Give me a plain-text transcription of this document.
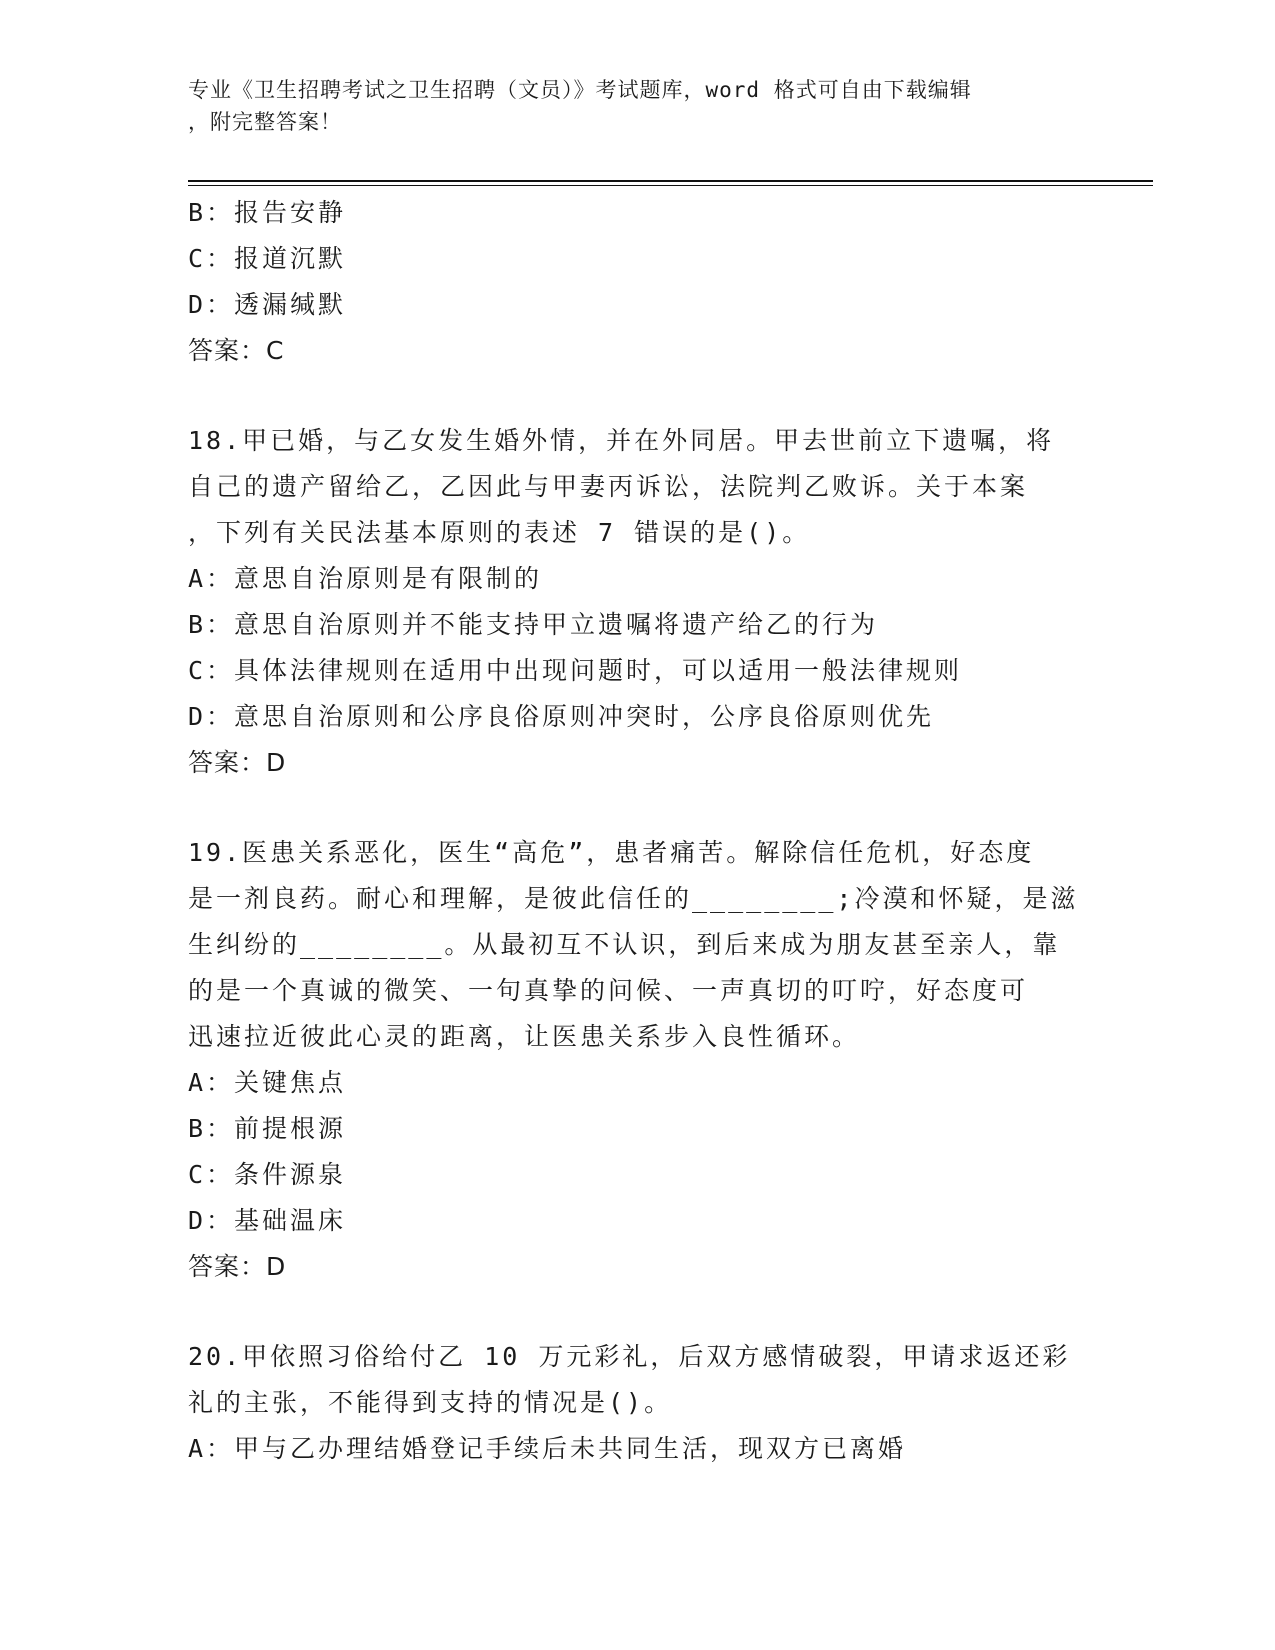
专业《卫生招聘考试之卫生招聘（文员）》考试题库，word 格式可自由下载编辑
，附完整答案！
B：报告安静
C：报道沉默
D：透漏缄默
答案：C
18.甲已婚，与乙女发生婚外情，并在外同居。甲去世前立下遗嘱，将
自己的遗产留给乙，乙因此与甲妻丙诉讼，法院判乙败诉。关于本案
，下列有关民法基本原则的表述 7 错误的是()。
A：意思自治原则是有限制的
B：意思自治原则并不能支持甲立遗嘱将遗产给乙的行为
C：具体法律规则在适用中出现问题时，可以适用一般法律规则
D：意思自治原则和公序良俗原则冲突时，公序良俗原则优先
答案：D
19.医患关系恶化，医生“高危”，患者痛苦。解除信任危机，好态度
是一剂良药。耐心和理解，是彼此信任的________;冷漠和怀疑，是滋
生纠纷的________。从最初互不认识，到后来成为朋友甚至亲人，靠
的是一个真诚的微笑、一句真挚的问候、一声真切的叮咛，好态度可
迅速拉近彼此心灵的距离，让医患关系步入良性循环。
A：关键焦点
B：前提根源
C：条件源泉
D：基础温床
答案：D
20.甲依照习俗给付乙 10 万元彩礼，后双方感情破裂，甲请求返还彩
礼的主张，不能得到支持的情况是()。
A：甲与乙办理结婚登记手续后未共同生活，现双方已离婚
